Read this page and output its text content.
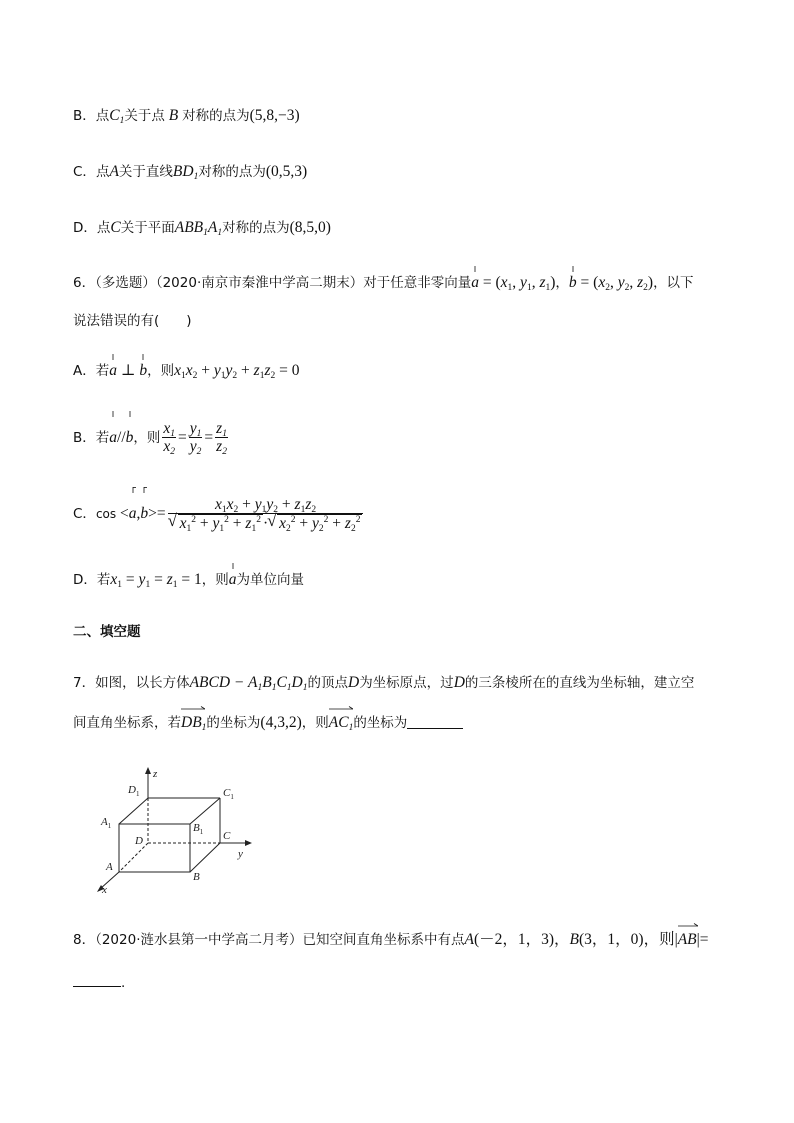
B．点$C_1$关于点 B 对称的点为(5,8,−3)
C．点A关于直线$BD_1$对称的点为(0,5,3)
D．点C关于平面$ABB_1A_1$对称的点为(8,5,0)
6．（多选题）（2020·南京市秦淮中学高二期末）对于任意非零向量a
= ($x_1$, $y_1$, $z_1$)，b
= ($x_2$, $y_2$, $z_2$)，以下
说法错误的有(　　)
A．若a
⊥ b
，则$x_1x_2 + y_1y_2 + z_1z_2 = 0$
B．若a
//b
，则 $\frac{x_1}{x_2} = \frac{y_1}{y_2} = \frac{z_1}{z_2}$
C．cos <a
,b
>= $\frac{x_1x_2 + y_1y_2 + z_1z_2}{√ x_1^2 + y_1^2 + z_1^2 \cdot √ x_2^2 + y_2^2 + z_2^2}$
D．若$x_1 = y_1 = z_1 = 1$，则a
为单位向量
二、填空题
7．如图，以长方体ABCD − $A_1B_1C_1D_1$的顶点D为坐标原点，过D的三条棱所在的直线为坐标轴，建立空
间直角坐标系，若$DB_1$
的坐标为(4,3,2)，则$AC_1$
的坐标为
z
y
x
$D_1$	$C_1$
$A_1$	$B_1$
D	C
A
B
8．（2020·涟水县第一中学高二月考）已知空间直角坐标系中有点A(－2，1，3)，B(3，1，0)，则|AB
|=
.
